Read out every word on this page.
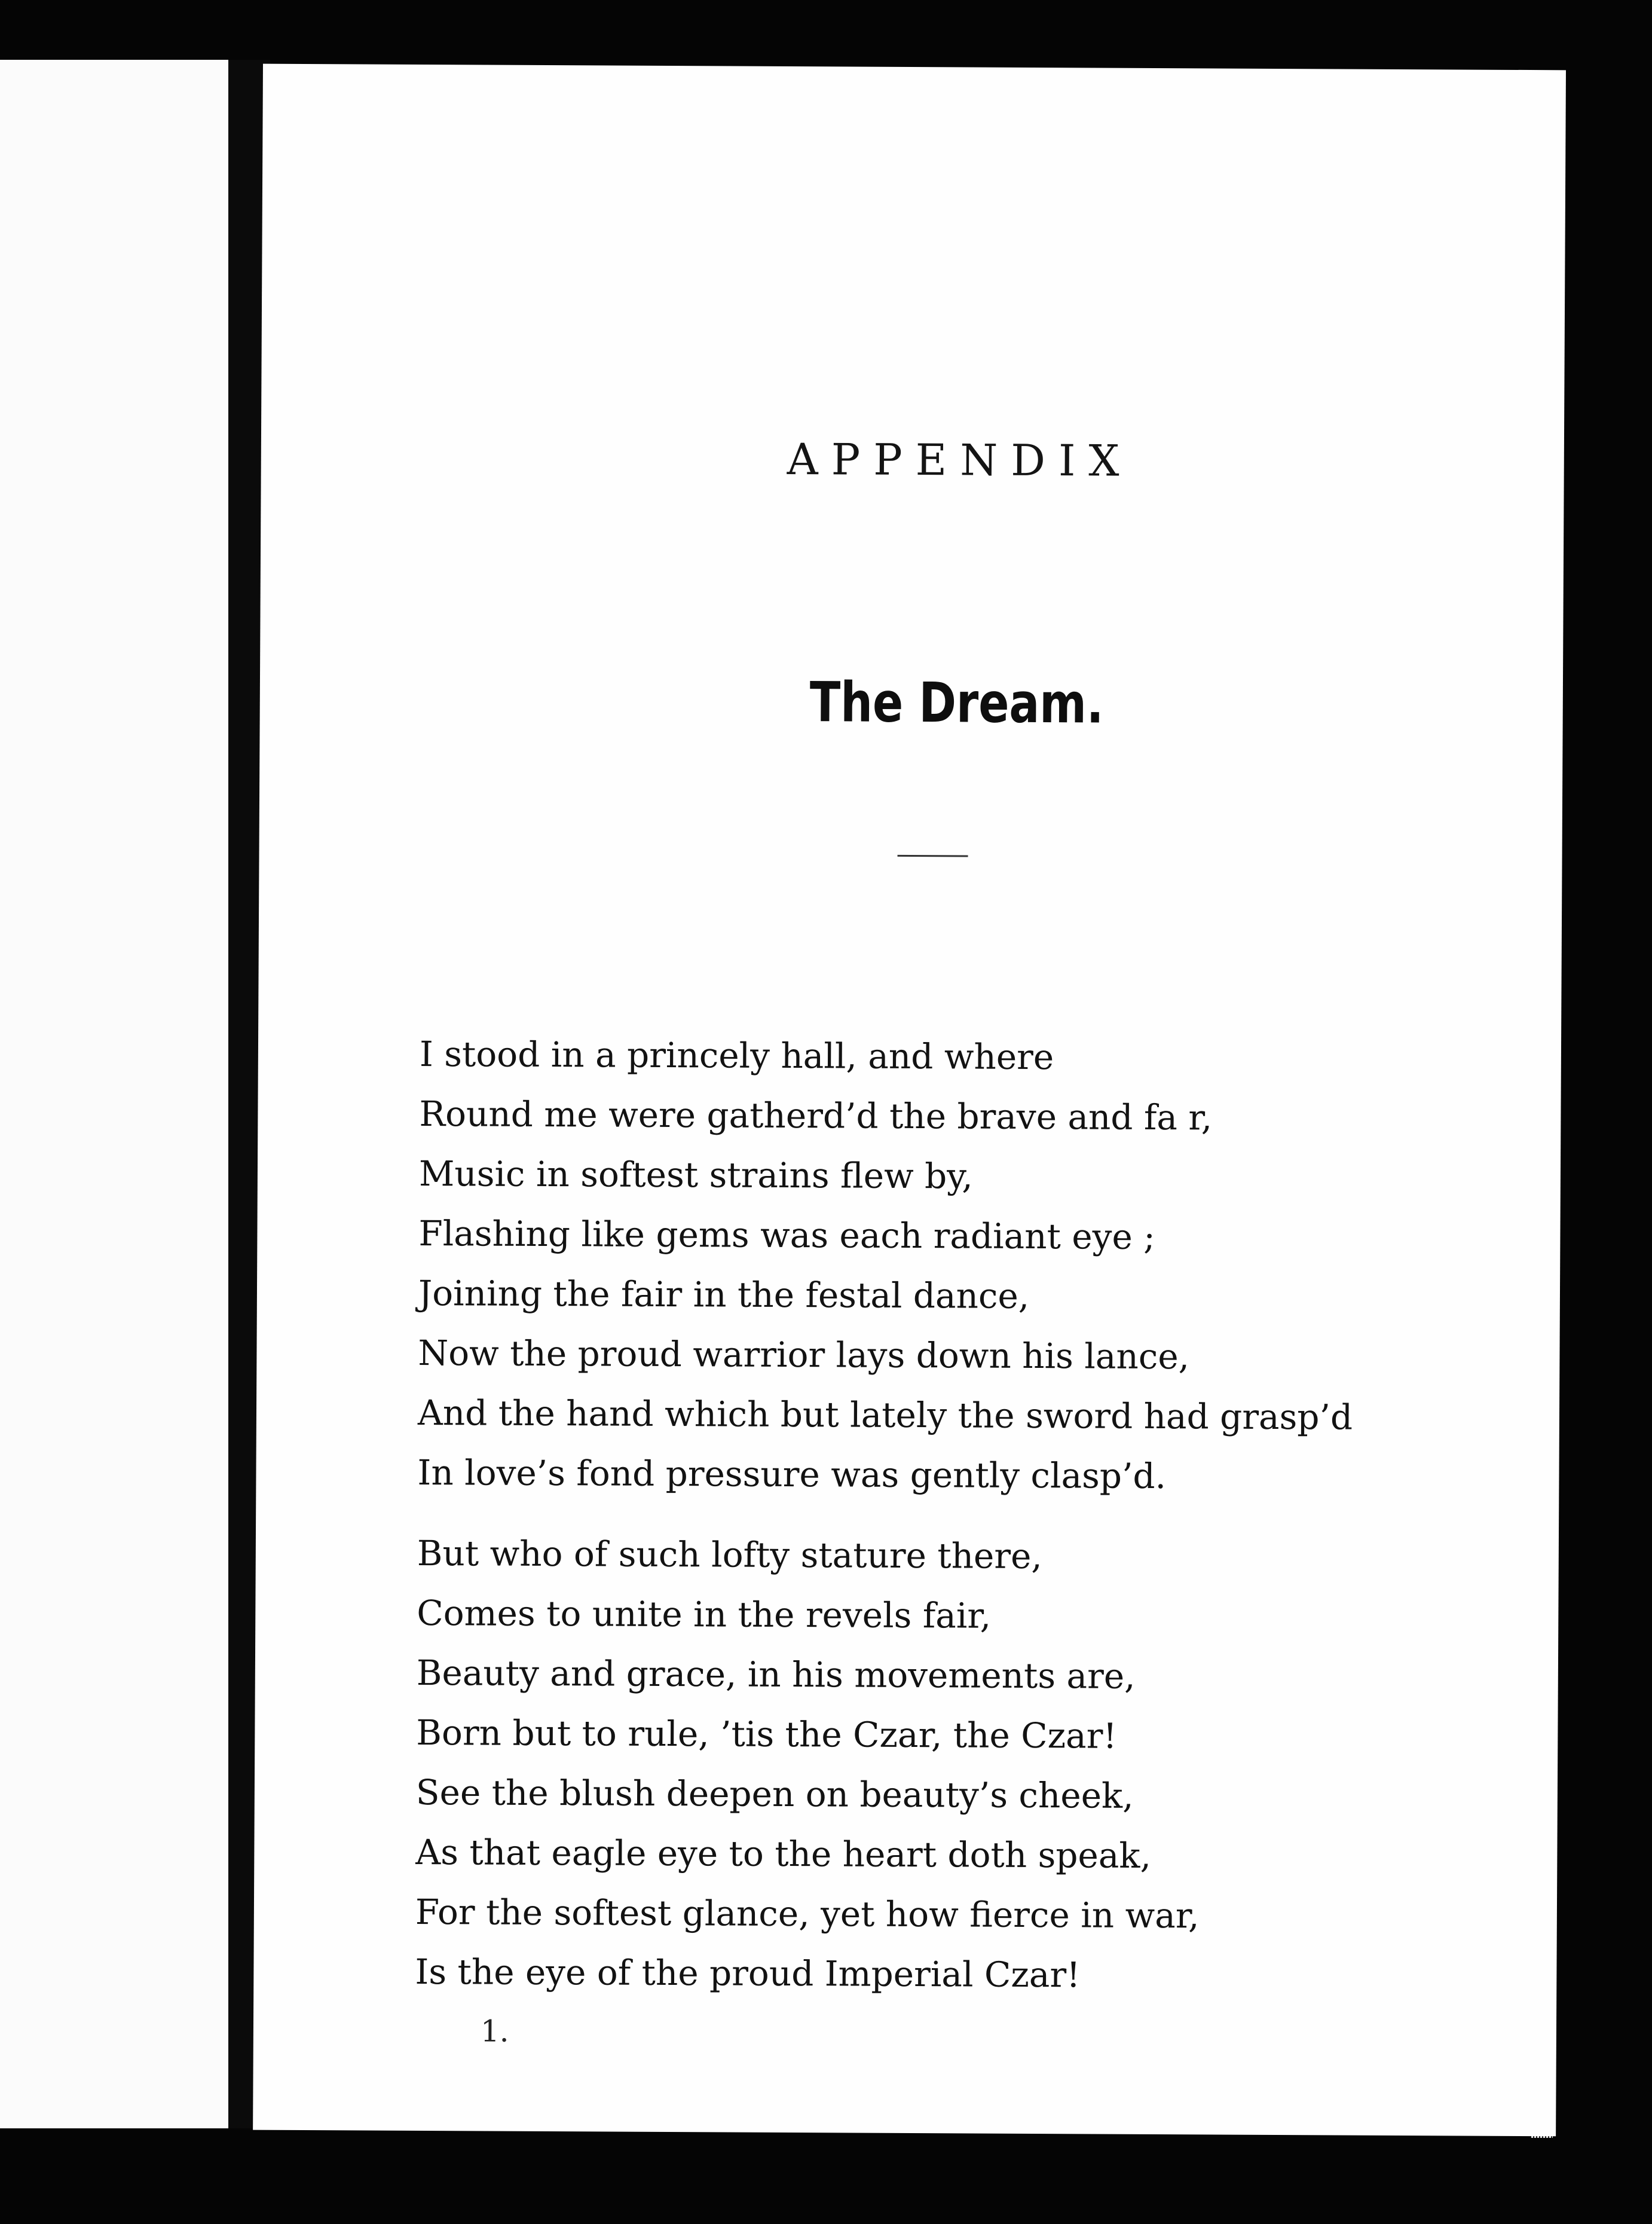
APPENDIX
The Dream.
I stood in a princely hall, and where
Round me were gatherd’d the brave and fa r,
Music in softest strains flew by,
Flashing like gems was each radiant eye ;
Joining the fair in the festal dance,
Now the proud warrior lays down his lance,
And the hand which but lately the sword had grasp’d
In love’s fond pressure was gently clasp’d.
But who of such lofty stature there,
Comes to unite in the revels fair,
Beauty and grace, in his movements are,
Born but to rule, ’tis the Czar, the Czar!
See the blush deepen on beauty’s cheek,
As that eagle eye to the heart doth speak,
For the softest glance, yet how fierce in war,
Is the eye of the proud Imperial Czar!
1.
